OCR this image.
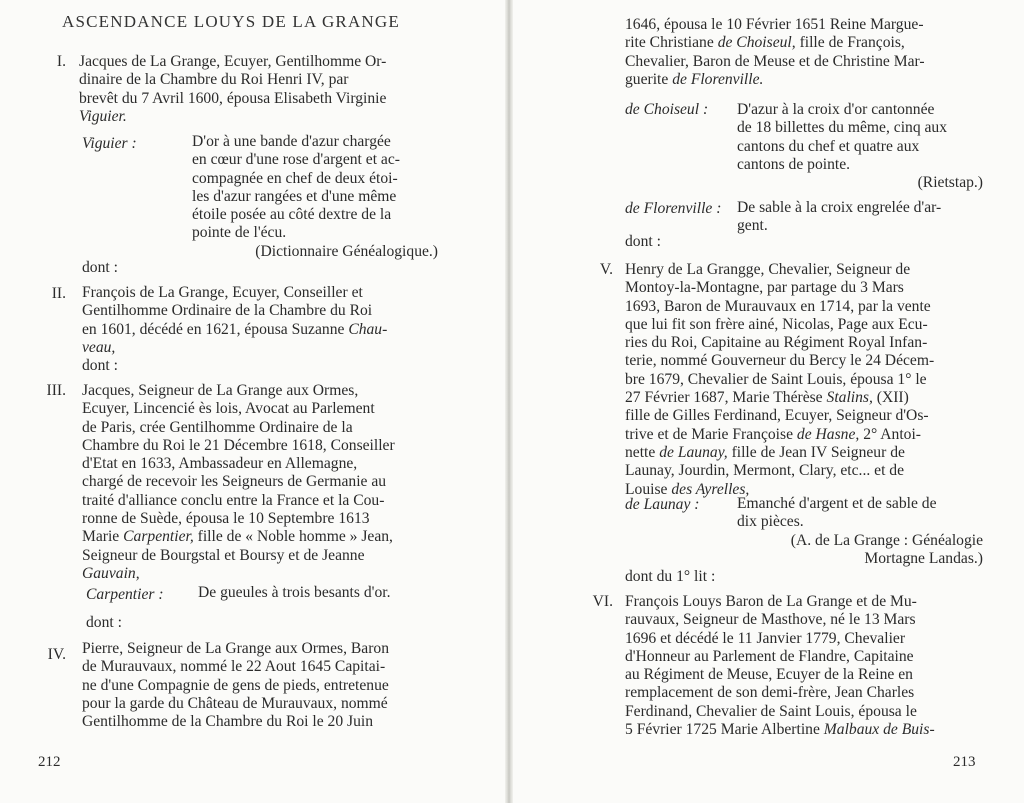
ASCENDANCE LOUYS DE LA GRANGE
I. Jacques de La Grange, Ecuyer, Gentilhomme Or-
dinaire de la Chambre du Roi Henri IV, par
brevêt du 7 Avril 1600, épousa Elisabeth Virginie
Viguier.
Viguier :	D'or à une bande d'azur chargée
en cœur d'une rose d'argent et ac-
compagnée en chef de deux étoi-
les d'azur rangées et d'une même
étoile posée au côté dextre de la
pointe de l'écu.
(Dictionnaire Généalogique.)
dont :
II. François de La Grange, Ecuyer, Conseiller et
Gentilhomme Ordinaire de la Chambre du Roi
en 1601, décédé en 1621, épousa Suzanne Chau-
veau,
dont :
III. Jacques, Seigneur de La Grange aux Ormes,
Ecuyer, Lincencié ès lois, Avocat au Parlement
de Paris, crée Gentilhomme Ordinaire de la
Chambre du Roi le 21 Décembre 1618, Conseiller
d'Etat en 1633, Ambassadeur en Allemagne,
chargé de recevoir les Seigneurs de Germanie au
traité d'alliance conclu entre la France et la Cou-
ronne de Suède, épousa le 10 Septembre 1613
Marie Carpentier, fille de « Noble homme » Jean,
Seigneur de Bourgstal et Boursy et de Jeanne
Gauvain,
Carpentier : De gueules à trois besants d'or.
dont :
IV. Pierre, Seigneur de La Grange aux Ormes, Baron
de Murauvaux, nommé le 22 Aout 1645 Capitai-
ne d'une Compagnie de gens de pieds, entretenue
pour la garde du Château de Murauvaux, nommé
Gentilhomme de la Chambre du Roi le 20 Juin
212
1646, épousa le 10 Février 1651 Reine Margue-
rite Christiane de Choiseul, fille de François,
Chevalier, Baron de Meuse et de Christine Mar-
guerite de Florenville.
de Choiseul : D'azur à la croix d'or cantonnée
de 18 billettes du même, cinq aux
cantons du chef et quatre aux
cantons de pointe.
(Rietstap.)
de Florenville : De sable à la croix engrelée d'ar-
gent.
dont :
V. Henry de La Grangge, Chevalier, Seigneur de
Montoy-la-Montagne, par partage du 3 Mars
1693, Baron de Murauvaux en 1714, par la vente
que lui fit son frère ainé, Nicolas, Page aux Ecu-
ries du Roi, Capitaine au Régiment Royal Infan-
terie, nommé Gouverneur du Bercy le 24 Décem-
bre 1679, Chevalier de Saint Louis, épousa 1° le
27 Février 1687, Marie Thérèse Stalins, (XII)
fille de Gilles Ferdinand, Ecuyer, Seigneur d'Os-
trive et de Marie Françoise de Hasne, 2° Antoi-
nette de Launay, fille de Jean IV Seigneur de
Launay, Jourdin, Mermont, Clary, etc... et de
Louise des Ayrelles,
de Launay : Emanché d'argent et de sable de
dix pièces.
(A. de La Grange : Généalogie
Mortagne Landas.)
dont du 1° lit :
VI. François Louys Baron de La Grange et de Mu-
rauvaux, Seigneur de Masthove, né le 13 Mars
1696 et décédé le 11 Janvier 1779, Chevalier
d'Honneur au Parlement de Flandre, Capitaine
au Régiment de Meuse, Ecuyer de la Reine en
remplacement de son demi-frère, Jean Charles
Ferdinand, Chevalier de Saint Louis, épousa le
5 Février 1725 Marie Albertine Malbaux de Buis-
213
